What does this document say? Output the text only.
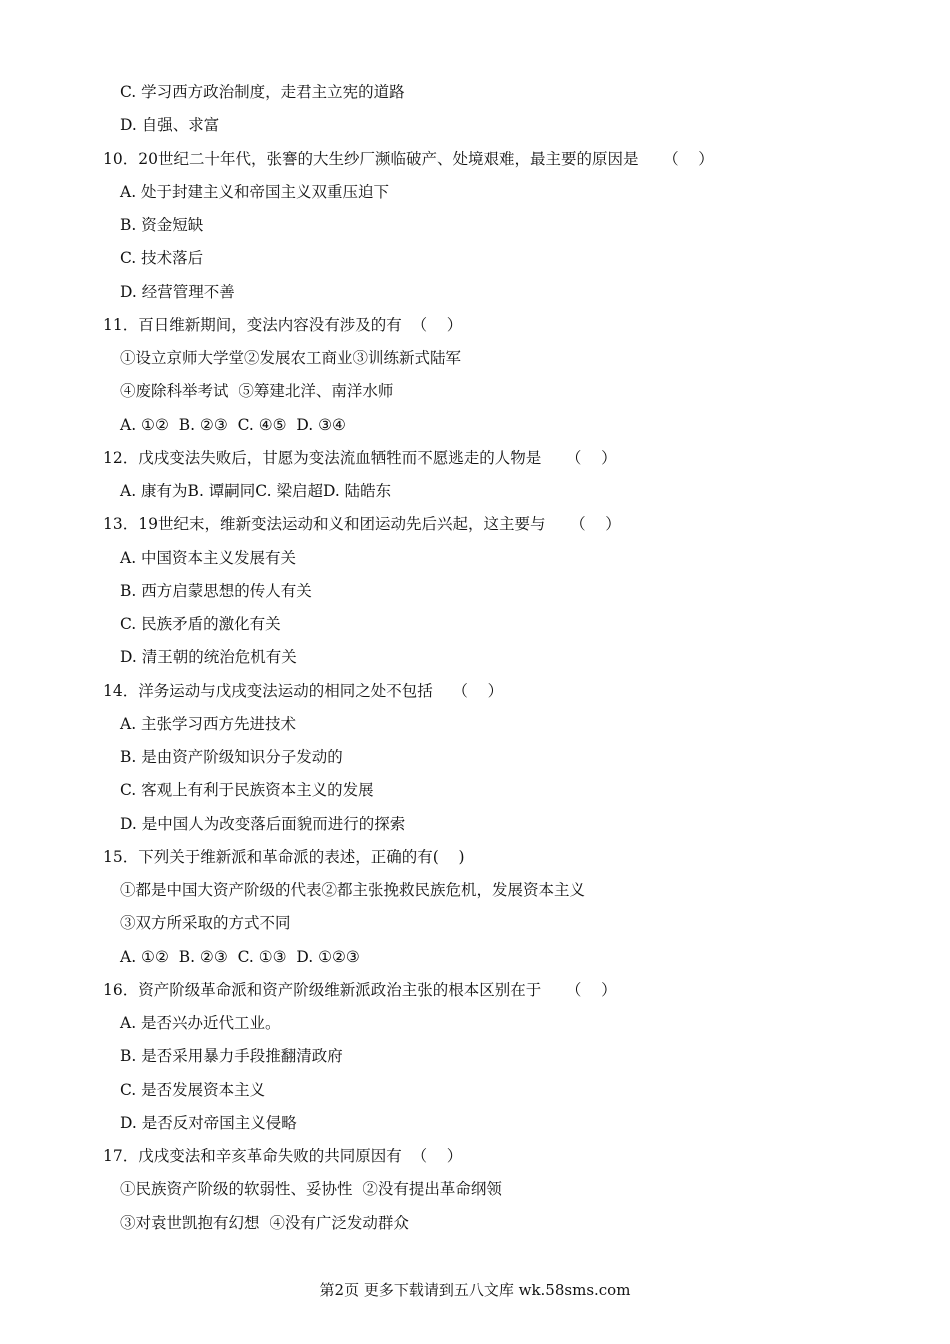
C. 学习西方政治制度，走君主立宪的道路
D. 自强、求富
10．20世纪二十年代，张謇的大生纱厂濒临破产、处境艰难，最主要的原因是     （    ）
A. 处于封建主义和帝国主义双重压迫下
B. 资金短缺
C. 技术落后
D. 经营管理不善
11．百日维新期间，变法内容没有涉及的有  （    ）
①设立京师大学堂②发展农工商业③训练新式陆军
④废除科举考试  ⑤筹建北洋、南洋水师
A. ①②  B. ②③  C. ④⑤  D. ③④
12．戊戌变法失败后，甘愿为变法流血牺牲而不愿逃走的人物是     （    ）
A. 康有为B. 谭嗣同C. 梁启超D. 陆皓东
13．19世纪末，维新变法运动和义和团运动先后兴起，这主要与     （    ）
A. 中国资本主义发展有关
B. 西方启蒙思想的传人有关
C. 民族矛盾的激化有关
D. 清王朝的统治危机有关
14．洋务运动与戊戌变法运动的相同之处不包括    （    ）
A. 主张学习西方先进技术
B. 是由资产阶级知识分子发动的
C. 客观上有利于民族资本主义的发展
D. 是中国人为改变落后面貌而进行的探索
15．下列关于维新派和革命派的表述，正确的有(    )
①都是中国大资产阶级的代表②都主张挽救民族危机，发展资本主义
③双方所采取的方式不同
A. ①②  B. ②③  C. ①③  D. ①②③
16．资产阶级革命派和资产阶级维新派政治主张的根本区别在于     （    ）
A. 是否兴办近代工业。
B. 是否采用暴力手段推翻清政府
C. 是否发展资本主义
D. 是否反对帝国主义侵略
17．戊戌变法和辛亥革命失败的共同原因有  （    ）
①民族资产阶级的软弱性、妥协性  ②没有提出革命纲领
③对袁世凯抱有幻想  ④没有广泛发动群众
第2页 更多下载请到五八文库 wk.58sms.com
